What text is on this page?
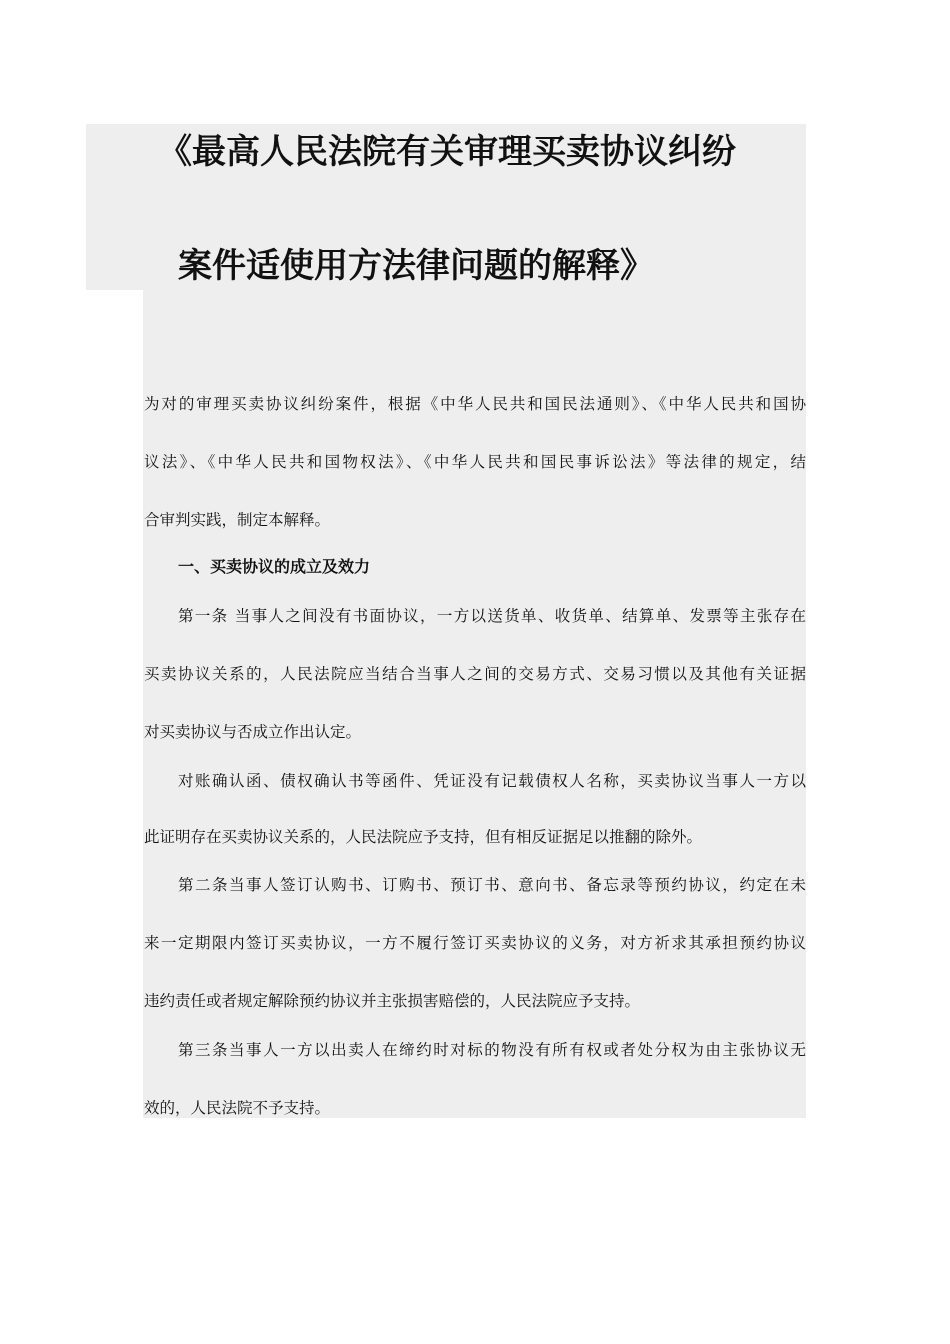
《最高人民法院有关审理买卖协议纠纷
案件适使用方法律问题的解释》
为对的审理买卖协议纠纷案件，根据《中华人民共和国民法通则》、《中华人民共和国协
议法》、《中华人民共和国物权法》、《中华人民共和国民事诉讼法》等法律的规定，结
合审判实践，制定本解释。
一、买卖协议的成立及效力
第一条 当事人之间没有书面协议，一方以送货单、收货单、结算单、发票等主张存在
买卖协议关系的，人民法院应当结合当事人之间的交易方式、交易习惯以及其他有关证据
对买卖协议与否成立作出认定。
对账确认函、债权确认书等函件、凭证没有记载债权人名称，买卖协议当事人一方以
此证明存在买卖协议关系的，人民法院应予支持，但有相反证据足以推翻的除外。
第二条当事人签订认购书、订购书、预订书、意向书、备忘录等预约协议，约定在未
来一定期限内签订买卖协议，一方不履行签订买卖协议的义务，对方祈求其承担预约协议
违约责任或者规定解除预约协议并主张损害赔偿的，人民法院应予支持。
第三条当事人一方以出卖人在缔约时对标的物没有所有权或者处分权为由主张协议无
效的，人民法院不予支持。
